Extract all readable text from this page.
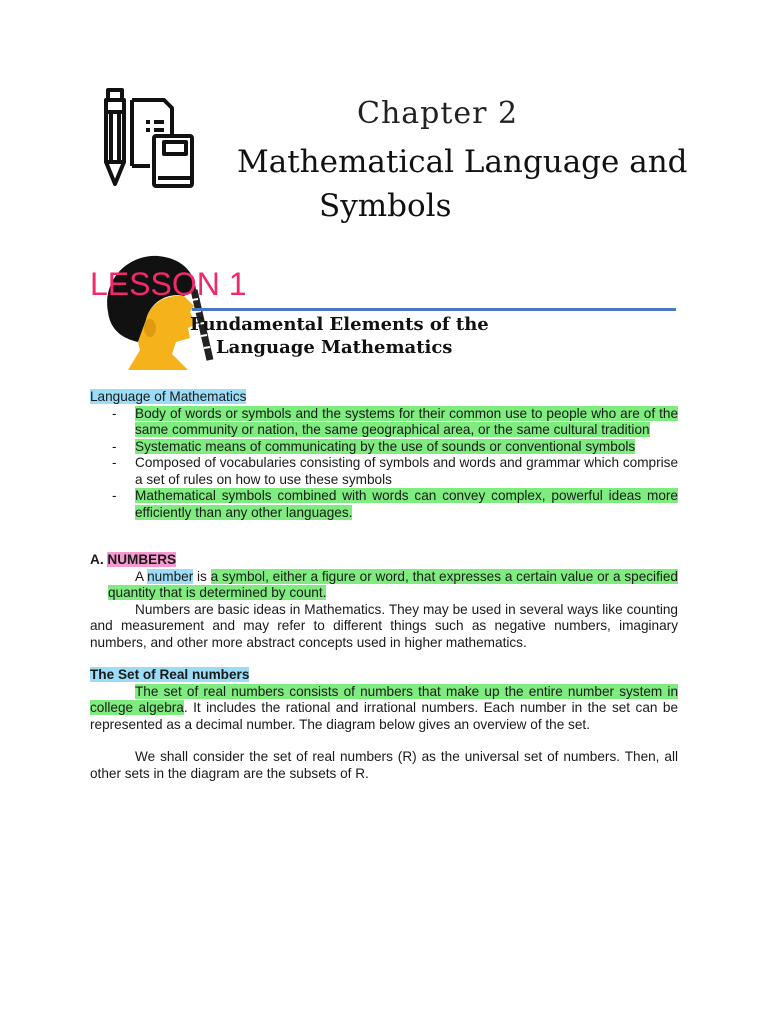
Chapter 2
Mathematical Language and
Symbols
LESSON 1
Fundamental Elements of the
Language Mathematics
Language of Mathematics
- Body of words or symbols and the systems for their common use to people who are of the same community or nation, the same geographical area, or the same cultural tradition
- Systematic means of communicating by the use of sounds or conventional symbols
- Composed of vocabularies consisting of symbols and words and grammar which comprise a set of rules on how to use these symbols
- Mathematical symbols combined with words can convey complex, powerful ideas more efficiently than any other languages.
A. NUMBERS

A number is a symbol, either a figure or word, that expresses a certain value or a specified quantity that is determined by count.

Numbers are basic ideas in Mathematics. They may be used in several ways like counting and measurement and may refer to different things such as negative numbers, imaginary numbers, and other more abstract concepts used in higher mathematics.

The Set of Real numbers

The set of real numbers consists of numbers that make up the entire number system in college algebra. It includes the rational and irrational numbers. Each number in the set can be represented as a decimal number. The diagram below gives an overview of the set.

We shall consider the set of real numbers (R) as the universal set of numbers. Then, all other sets in the diagram are the subsets of R.
